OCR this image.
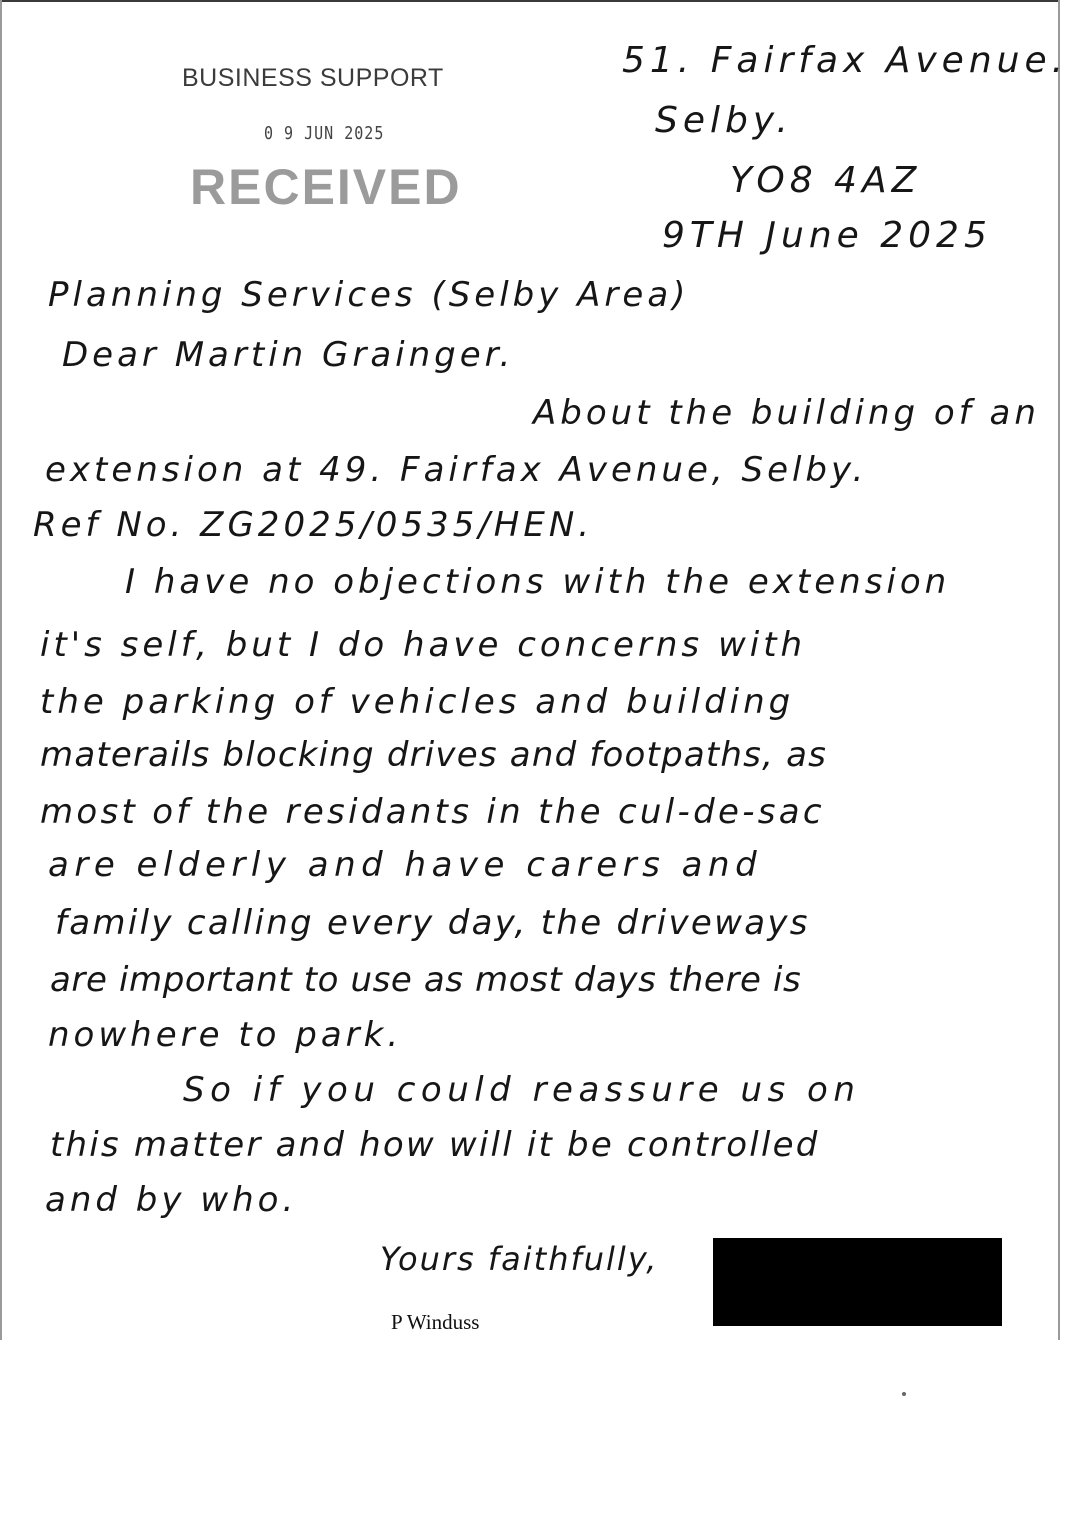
BUSINESS SUPPORT
0 9 JUN 2025
RECEIVED
51. Fairfax Avenue.
Selby.
YO8 4AZ
9TH June 2025
Planning Services (Selby Area)
Dear Martin Grainger.
About the building of an
extension at 49. Fairfax Avenue, Selby.
Ref No. ZG2025/0535/HEN.
I have no objections with the extension
it's self, but I do have concerns with
the parking of vehicles and building
materails blocking drives and footpaths, as
most of the residants in the cul-de-sac
are elderly and have carers and
family calling every day, the driveways
are important to use as most days there is
nowhere to park.
So if you could reassure us on
this matter and how will it be controlled
and by who.
Yours faithfully,
P Winduss
